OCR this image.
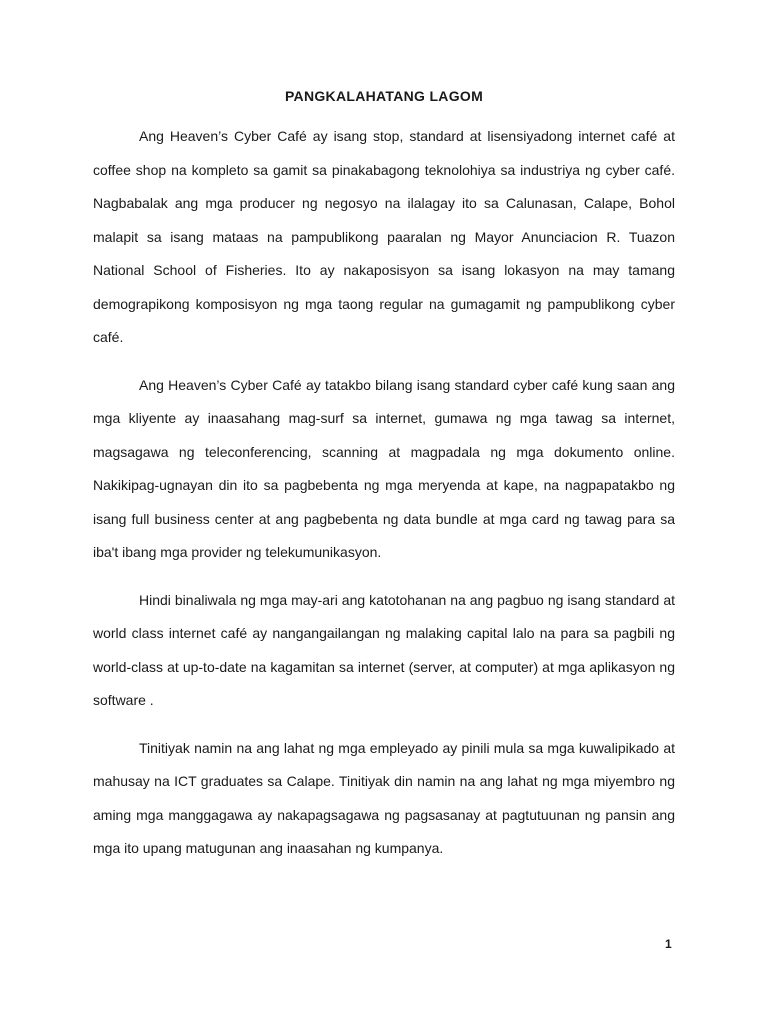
PANGKALAHATANG LAGOM

Ang Heaven’s Cyber Café ay isang stop, standard at lisensiyadong internet café at coffee shop na kompleto sa gamit sa pinakabagong teknolohiya sa industriya ng cyber café. Nagbabalak ang mga producer ng negosyo na ilalagay ito sa Calunasan, Calape, Bohol malapit sa isang mataas na pampublikong paaralan ng Mayor Anunciacion R. Tuazon National School of Fisheries. Ito ay nakaposisyon sa isang lokasyon na may tamang demograpikong komposisyon ng mga taong regular na gumagamit ng pampublikong cyber café.

Ang Heaven’s Cyber Café ay tatakbo bilang isang standard cyber café kung saan ang mga kliyente ay inaasahang mag-surf sa internet, gumawa ng mga tawag sa internet, magsagawa ng teleconferencing, scanning at magpadala ng mga dokumento online. Nakikipag-ugnayan din ito sa pagbebenta ng mga meryenda at kape, na nagpapatakbo ng isang full business center at ang pagbebenta ng data bundle at mga card ng tawag para sa iba't ibang mga provider ng telekumunikasyon.

Hindi binaliwala ng mga may-ari ang katotohanan na ang pagbuo ng isang standard at world class internet café ay nangangailangan ng malaking capital lalo na para sa pagbili ng world-class at up-to-date na kagamitan sa internet (server, at computer) at mga aplikasyon ng software .

Tinitiyak namin na ang lahat ng mga empleyado ay pinili mula sa mga kuwalipikado at mahusay na ICT graduates sa Calape. Tinitiyak din namin na ang lahat ng mga miyembro ng aming mga manggagawa ay nakapagsagawa ng pagsasanay at pagtutuunan ng pansin ang mga ito upang matugunan ang inaasahan ng kumpanya.

1
